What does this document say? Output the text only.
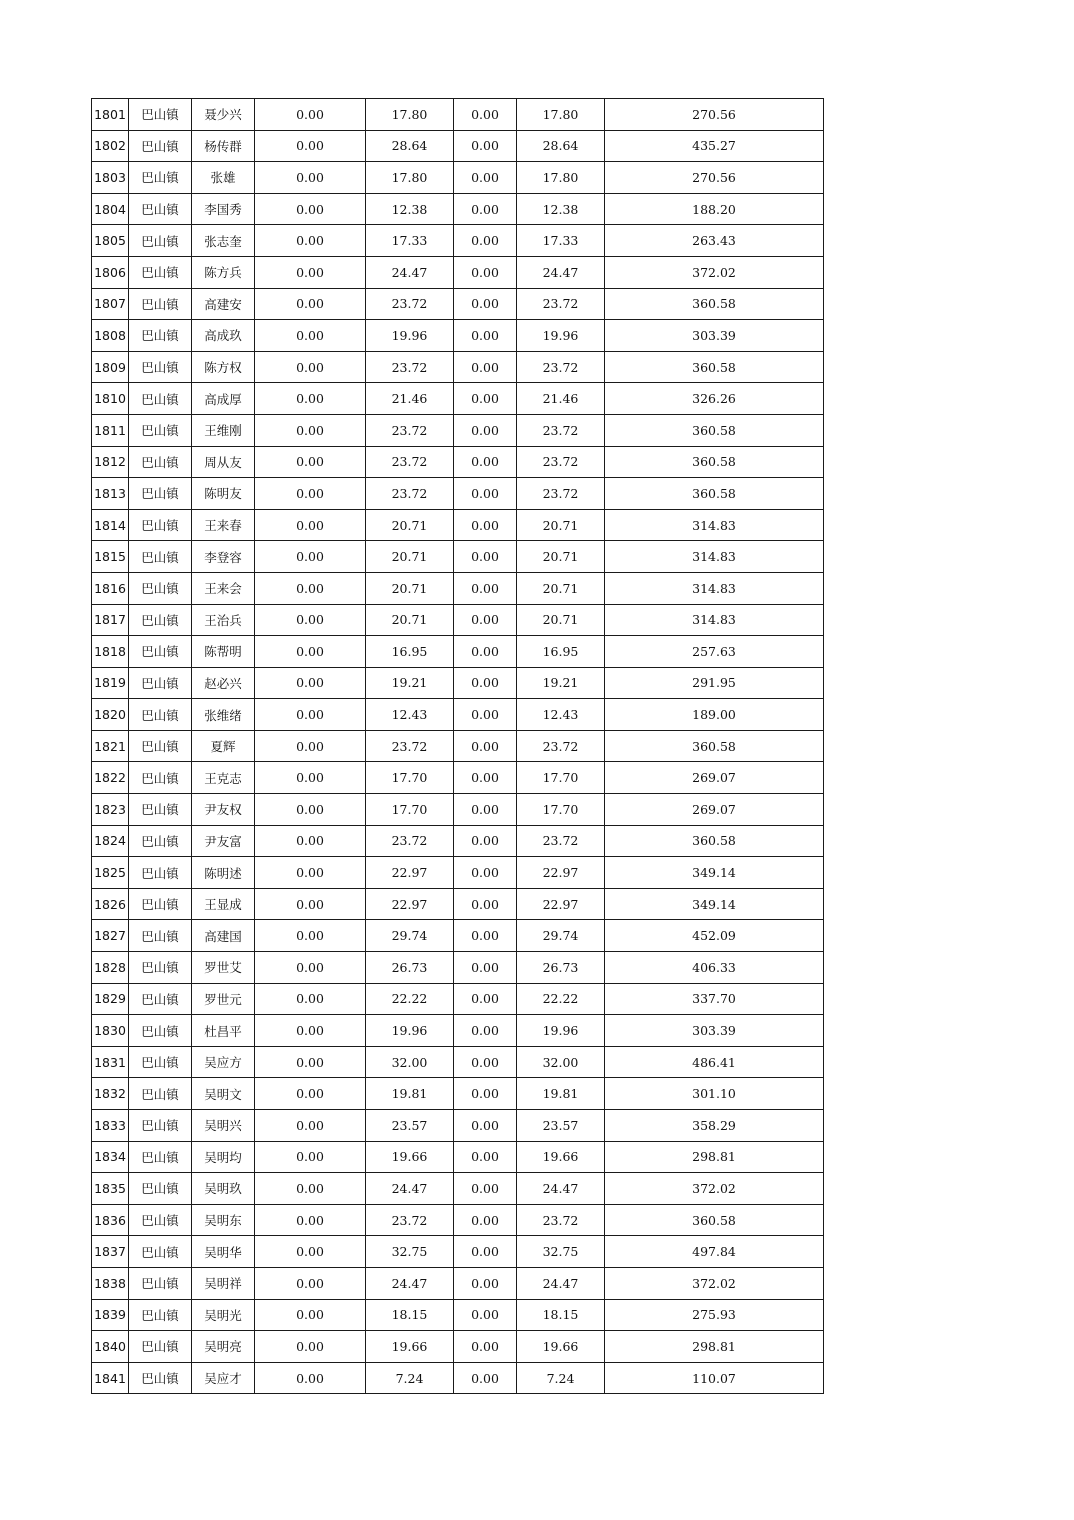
1801	巴山镇	聂少兴	0.00	17.80	0.00	17.80	270.56
1802	巴山镇	杨传群	0.00	28.64	0.00	28.64	435.27
1803	巴山镇	张雄	0.00	17.80	0.00	17.80	270.56
1804	巴山镇	李国秀	0.00	12.38	0.00	12.38	188.20
1805	巴山镇	张志奎	0.00	17.33	0.00	17.33	263.43
1806	巴山镇	陈方兵	0.00	24.47	0.00	24.47	372.02
1807	巴山镇	高建安	0.00	23.72	0.00	23.72	360.58
1808	巴山镇	高成玖	0.00	19.96	0.00	19.96	303.39
1809	巴山镇	陈方权	0.00	23.72	0.00	23.72	360.58
1810	巴山镇	高成厚	0.00	21.46	0.00	21.46	326.26
1811	巴山镇	王维刚	0.00	23.72	0.00	23.72	360.58
1812	巴山镇	周从友	0.00	23.72	0.00	23.72	360.58
1813	巴山镇	陈明友	0.00	23.72	0.00	23.72	360.58
1814	巴山镇	王来春	0.00	20.71	0.00	20.71	314.83
1815	巴山镇	李登容	0.00	20.71	0.00	20.71	314.83
1816	巴山镇	王来会	0.00	20.71	0.00	20.71	314.83
1817	巴山镇	王治兵	0.00	20.71	0.00	20.71	314.83
1818	巴山镇	陈帮明	0.00	16.95	0.00	16.95	257.63
1819	巴山镇	赵必兴	0.00	19.21	0.00	19.21	291.95
1820	巴山镇	张维绪	0.00	12.43	0.00	12.43	189.00
1821	巴山镇	夏辉	0.00	23.72	0.00	23.72	360.58
1822	巴山镇	王克志	0.00	17.70	0.00	17.70	269.07
1823	巴山镇	尹友权	0.00	17.70	0.00	17.70	269.07
1824	巴山镇	尹友富	0.00	23.72	0.00	23.72	360.58
1825	巴山镇	陈明述	0.00	22.97	0.00	22.97	349.14
1826	巴山镇	王显成	0.00	22.97	0.00	22.97	349.14
1827	巴山镇	高建国	0.00	29.74	0.00	29.74	452.09
1828	巴山镇	罗世艾	0.00	26.73	0.00	26.73	406.33
1829	巴山镇	罗世元	0.00	22.22	0.00	22.22	337.70
1830	巴山镇	杜昌平	0.00	19.96	0.00	19.96	303.39
1831	巴山镇	吴应方	0.00	32.00	0.00	32.00	486.41
1832	巴山镇	吴明文	0.00	19.81	0.00	19.81	301.10
1833	巴山镇	吴明兴	0.00	23.57	0.00	23.57	358.29
1834	巴山镇	吴明均	0.00	19.66	0.00	19.66	298.81
1835	巴山镇	吴明玖	0.00	24.47	0.00	24.47	372.02
1836	巴山镇	吴明东	0.00	23.72	0.00	23.72	360.58
1837	巴山镇	吴明华	0.00	32.75	0.00	32.75	497.84
1838	巴山镇	吴明祥	0.00	24.47	0.00	24.47	372.02
1839	巴山镇	吴明光	0.00	18.15	0.00	18.15	275.93
1840	巴山镇	吴明亮	0.00	19.66	0.00	19.66	298.81
1841	巴山镇	吴应才	0.00	7.24	0.00	7.24	110.07
